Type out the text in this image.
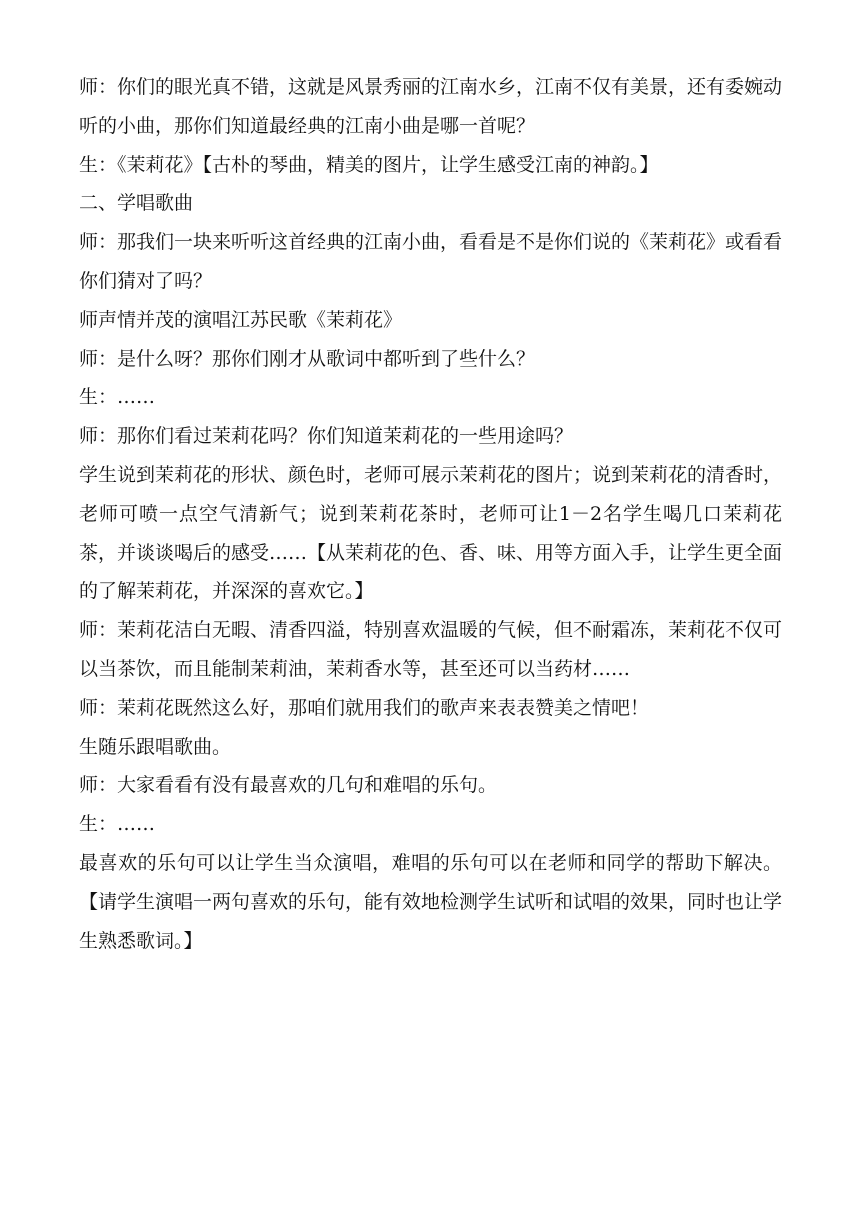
师：你们的眼光真不错，这就是风景秀丽的江南水乡，江南不仅有美景，还有委婉动听的小曲，那你们知道最经典的江南小曲是哪一首呢？

生：《茉莉花》【古朴的琴曲，精美的图片，让学生感受江南的神韵。】

二、学唱歌曲

师：那我们一块来听听这首经典的江南小曲，看看是不是你们说的《茉莉花》或看看你们猜对了吗？

师声情并茂的演唱江苏民歌《茉莉花》

师：是什么呀？那你们刚才从歌词中都听到了些什么？

生：……

师：那你们看过茉莉花吗？你们知道茉莉花的一些用途吗？

学生说到茉莉花的形状、颜色时，老师可展示茉莉花的图片；说到茉莉花的清香时，老师可喷一点空气清新气；说到茉莉花茶时，老师可让1－2名学生喝几口茉莉花茶，并谈谈喝后的感受……【从茉莉花的色、香、味、用等方面入手，让学生更全面的了解茉莉花，并深深的喜欢它。】

师：茉莉花洁白无暇、清香四溢，特别喜欢温暖的气候，但不耐霜冻，茉莉花不仅可以当茶饮，而且能制茉莉油，茉莉香水等，甚至还可以当药材……

师：茉莉花既然这么好，那咱们就用我们的歌声来表表赞美之情吧！

生随乐跟唱歌曲。

师：大家看看有没有最喜欢的几句和难唱的乐句。

生：……

最喜欢的乐句可以让学生当众演唱，难唱的乐句可以在老师和同学的帮助下解决。【请学生演唱一两句喜欢的乐句，能有效地检测学生试听和试唱的效果，同时也让学生熟悉歌词。】
